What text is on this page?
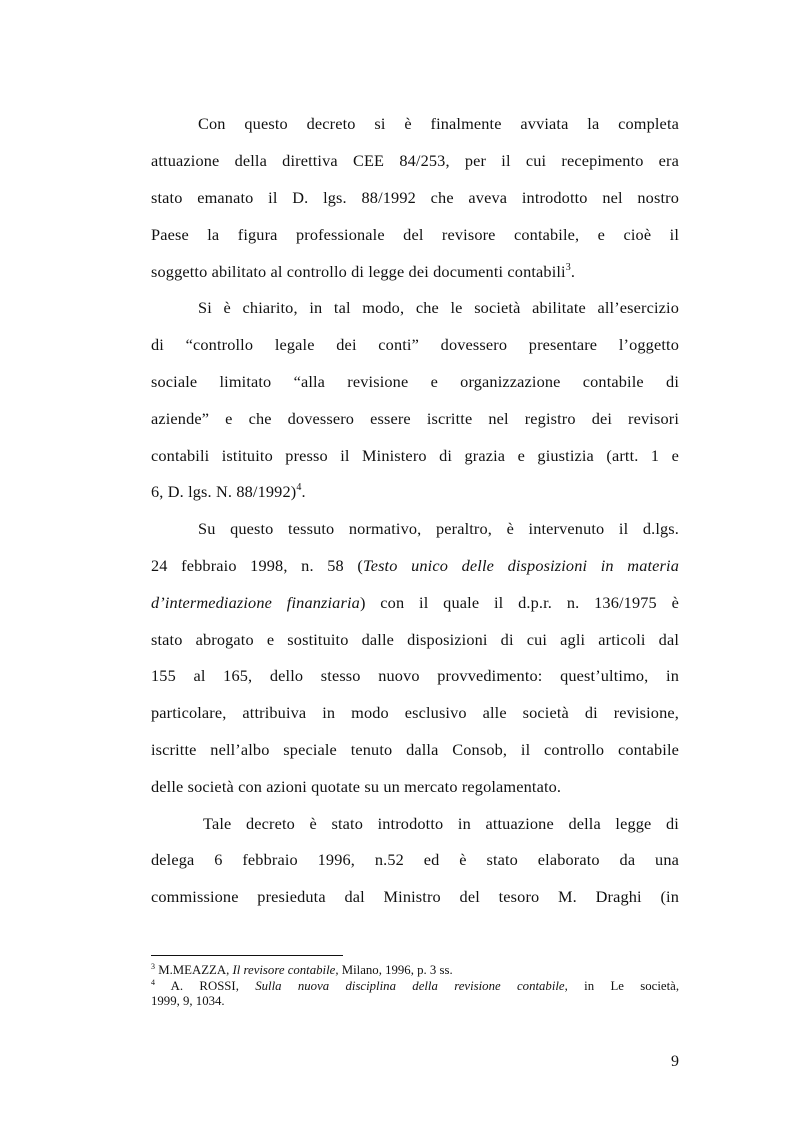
Con questo decreto si è finalmente avviata la completa
attuazione della direttiva CEE 84/253, per il cui recepimento era
stato emanato il D. lgs. 88/1992 che aveva introdotto nel nostro
Paese la figura professionale del revisore contabile, e cioè il
soggetto abilitato al controllo di legge dei documenti contabili$^3$.
Si è chiarito, in tal modo, che le società abilitate all’esercizio
di “controllo legale dei conti” dovessero presentare l’oggetto
sociale limitato “alla revisione e organizzazione contabile di
aziende” e che dovessero essere iscritte nel registro dei revisori
contabili istituito presso il Ministero di grazia e giustizia (artt. 1 e
6, D. lgs. N. 88/1992)$^4$.
Su questo tessuto normativo, peraltro, è intervenuto il d.lgs.
24 febbraio 1998, n. 58 (Testo unico delle disposizioni in materia
d’intermediazione finanziaria) con il quale il d.p.r. n. 136/1975 è
stato abrogato e sostituito dalle disposizioni di cui agli articoli dal
155 al 165, dello stesso nuovo provvedimento: quest’ultimo, in
particolare, attribuiva in modo esclusivo alle società di revisione,
iscritte nell’albo speciale tenuto dalla Consob, il controllo contabile
delle società con azioni quotate su un mercato regolamentato.
Tale decreto è stato introdotto in attuazione della legge di
delega 6 febbraio 1996, n.52 ed è stato elaborato da una
commissione presieduta dal Ministro del tesoro M. Draghi (in
$^3$ M.MEAZZA, Il revisore contabile, Milano, 1996, p. 3 ss.
$^4$ A. ROSSI, Sulla nuova disciplina della revisione contabile, in Le società,
1999, 9, 1034.
9
